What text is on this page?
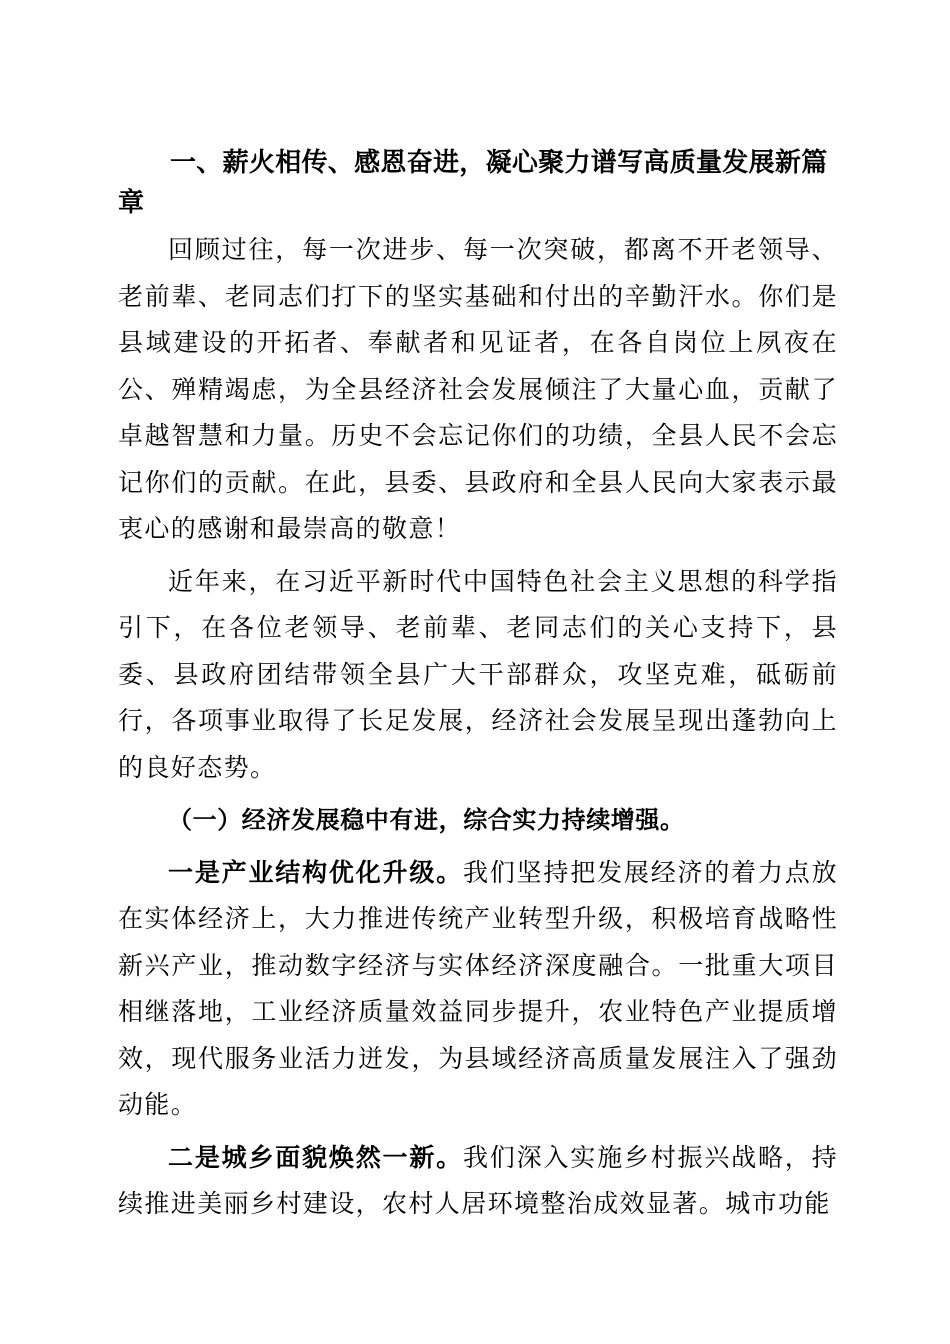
一、薪火相传、感恩奋进，凝心聚力谱写高质量发展新篇章

回顾过往，每一次进步、每一次突破，都离不开老领导、老前辈、老同志们打下的坚实基础和付出的辛勤汗水。你们是县域建设的开拓者、奉献者和见证者，在各自岗位上夙夜在公、殚精竭虑，为全县经济社会发展倾注了大量心血，贡献了卓越智慧和力量。历史不会忘记你们的功绩，全县人民不会忘记你们的贡献。在此，县委、县政府和全县人民向大家表示最衷心的感谢和最崇高的敬意！

近年来，在习近平新时代中国特色社会主义思想的科学指引下，在各位老领导、老前辈、老同志们的关心支持下，县委、县政府团结带领全县广大干部群众，攻坚克难，砥砺前行，各项事业取得了长足发展，经济社会发展呈现出蓬勃向上的良好态势。

（一）经济发展稳中有进，综合实力持续增强。

一是产业结构优化升级。我们坚持把发展经济的着力点放在实体经济上，大力推进传统产业转型升级，积极培育战略性新兴产业，推动数字经济与实体经济深度融合。一批重大项目相继落地，工业经济质量效益同步提升，农业特色产业提质增效，现代服务业活力迸发，为县域经济高质量发展注入了强劲动能。

二是城乡面貌焕然一新。我们深入实施乡村振兴战略，持续推进美丽乡村建设，农村人居环境整治成效显著。城市功能
